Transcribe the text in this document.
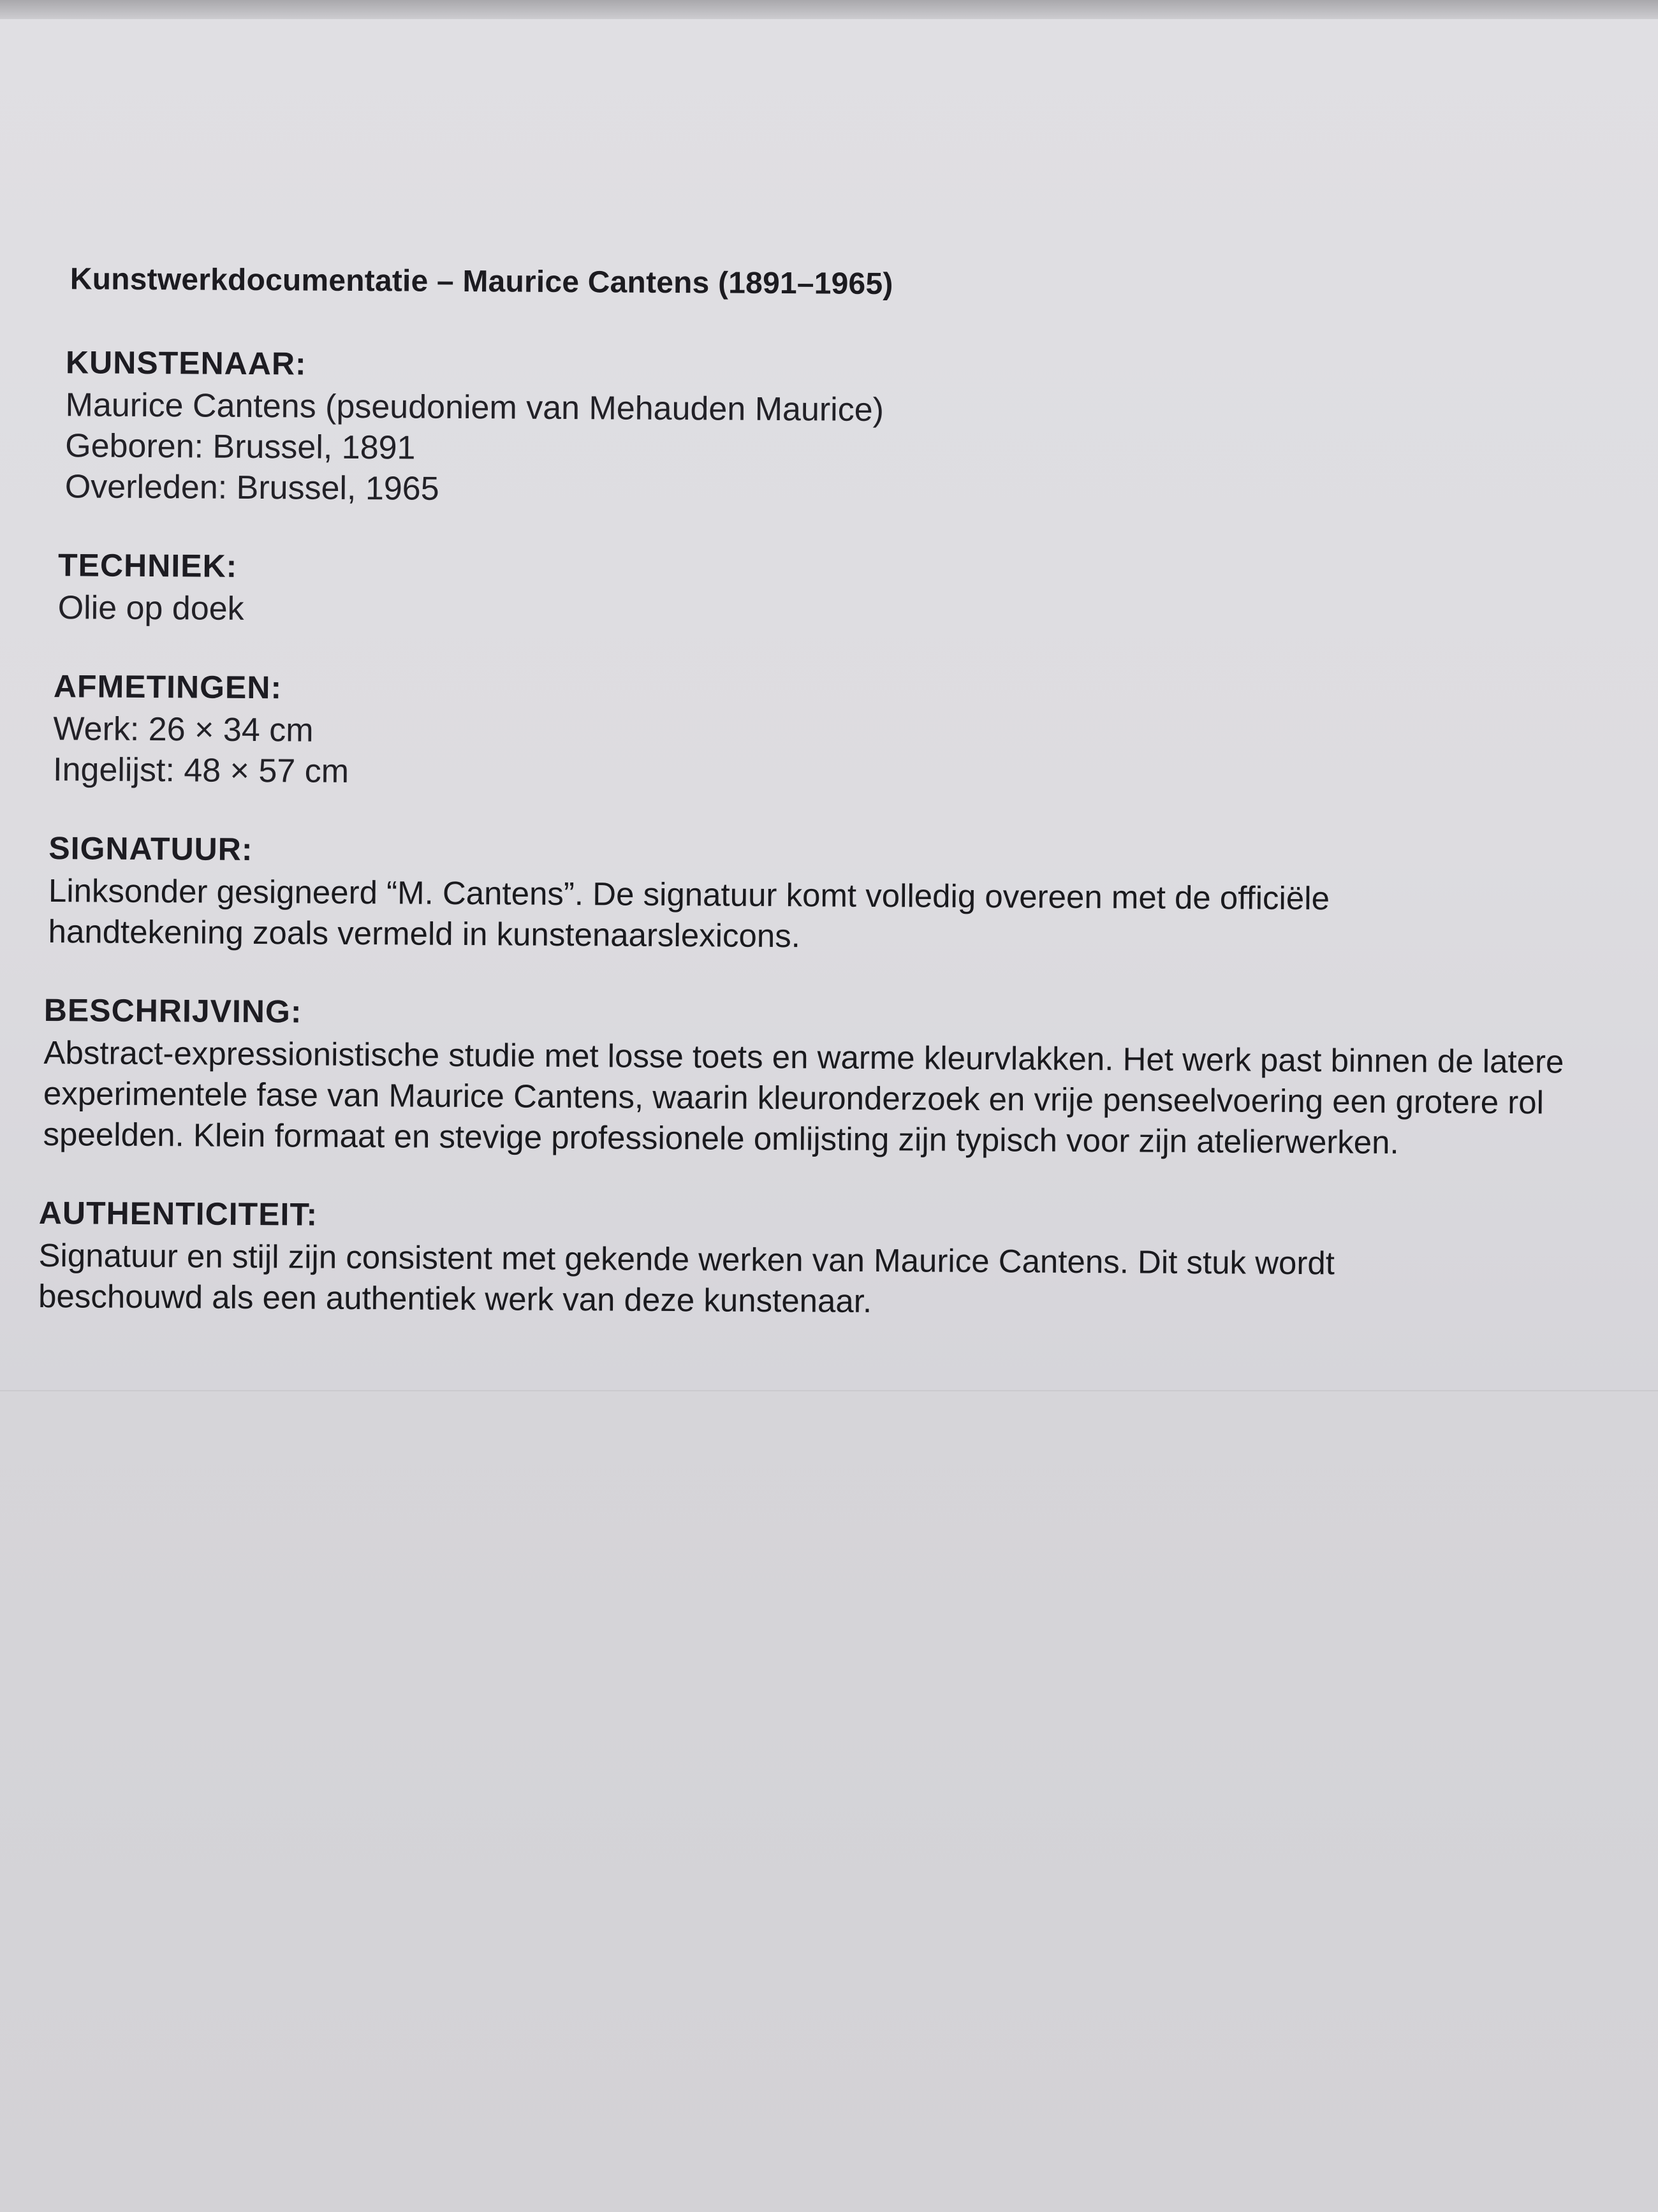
Kunstwerkdocumentatie – Maurice Cantens (1891–1965)
KUNSTENAAR:

Maurice Cantens (pseudoniem van Mehauden Maurice)

Geboren: Brussel, 1891

Overleden: Brussel, 1965

TECHNIEK:

Olie op doek

AFMETINGEN:

Werk: 26 × 34 cm

Ingelijst: 48 × 57 cm

SIGNATUUR:

Linksonder gesigneerd “M. Cantens”. De signatuur komt volledig overeen met de officiële handtekening zoals vermeld in kunstenaarslexicons.

BESCHRIJVING:

Abstract-expressionistische studie met losse toets en warme kleurvlakken. Het werk past binnen de latere experimentele fase van Maurice Cantens, waarin kleuronderzoek en vrije penseelvoering een grotere rol speelden. Klein formaat en stevige professionele omlijsting zijn typisch voor zijn atelierwerken.

AUTHENTICITEIT:

Signatuur en stijl zijn consistent met gekende werken van Maurice Cantens. Dit stuk wordt beschouwd als een authentiek werk van deze kunstenaar.
